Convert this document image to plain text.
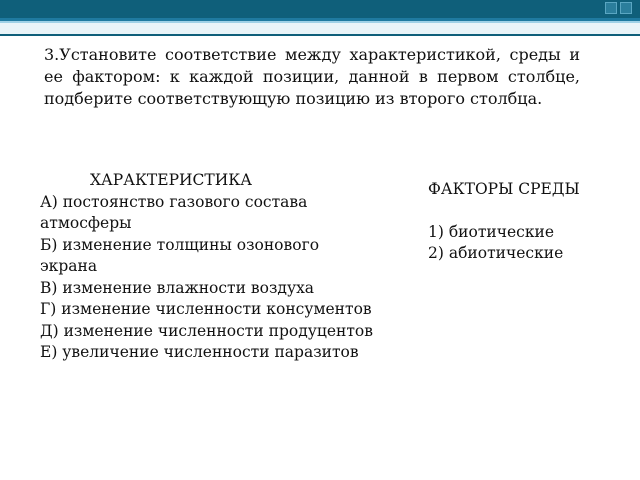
3.Установите соответствие между характеристикой, среды и ее фактором: к каждой позиции, данной в первом столбце, подберите соответствующую позицию из второго столбца.

ХАРАКТЕРИСТИКА
А) постоянство газового состава атмосферы
Б) изменение толщины озонового экрана
В) изменение влажности воздуха
Г) изменение численности консументов
Д) изменение численности продуцентов
Е) увеличение численности паразитов
ФАКТОРЫ СРЕДЫ
1) биотические
2) абиотические
